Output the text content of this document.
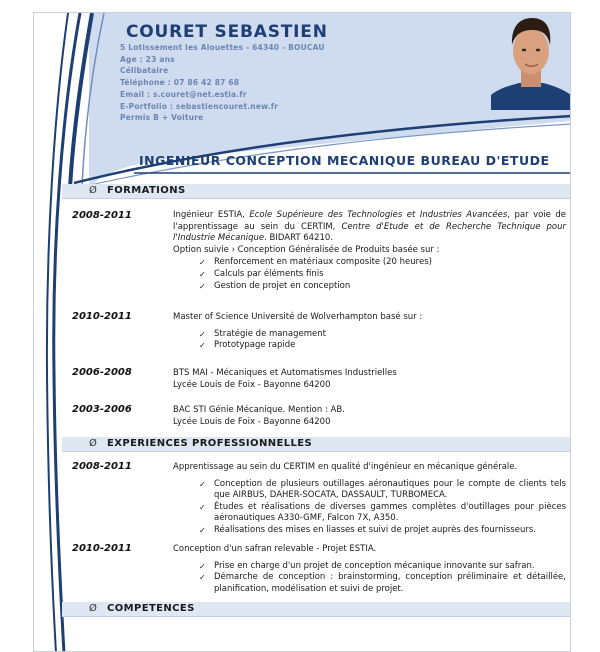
COURET SEBASTIEN
5 Lotissement les Alouettes - 64340 - BOUCAU
Age : 23 ans
Célibataire
Téléphone : 07 86 42 87 68
Email : s.couret@net.estia.fr
E-Portfolio : sebastiencouret.new.fr
Permis B + Voiture
INGENIEUR CONCEPTION MECANIQUE BUREAU D'ETUDE
Ø FORMATIONS
2008-2011	Ingénieur ESTIA, Ecole Supérieure des Technologies et Industries Avancées, par voie de l'apprentissage au sein du CERTIM, Centre d'Etude et de Recherche Technique pour l'Industrie Mécanique. BIDART 64210.

Option suivie › Conception Généralisée de Produits basée sur :

✓ Renforcement en matériaux composite (20 heures)
✓ Calculs par éléments finis
✓ Gestion de projet en conception
2010-2011	Master of Science Université de Wolverhampton basé sur :

✓ Stratégie de management
✓ Prototypage rapide
2006-2008	BTS MAI - Mécaniques et Automatismes Industrielles

Lycée Louis de Foix - Bayonne 64200

2003-2006	BAC STI Génie Mécanique. Mention : AB.

Lycée Louis de Foix - Bayonne 64200

Ø EXPERIENCES PROFESSIONNELLES
2008-2011	Apprentissage au sein du CERTIM en qualité d'ingénieur en mécanique générale.

✓ Conception de plusieurs outillages aéronautiques pour le compte de clients tels que AIRBUS, DAHER-SOCATA, DASSAULT, TURBOMECA.
✓ Études et réalisations de diverses gammes complètes d'outillages pour pièces aéronautiques A330-GMF, Falcon 7X, A350.
✓ Réalisations des mises en liasses et suivi de projet auprès des fournisseurs.
2010-2011	Conception d'un safran relevable - Projet ESTIA.

✓ Prise en charge d'un projet de conception mécanique innovante sur safran.
✓ Démarche de conception : brainstorming, conception préliminaire et détaillée, planification, modélisation et suivi de projet.
Ø COMPETENCES
